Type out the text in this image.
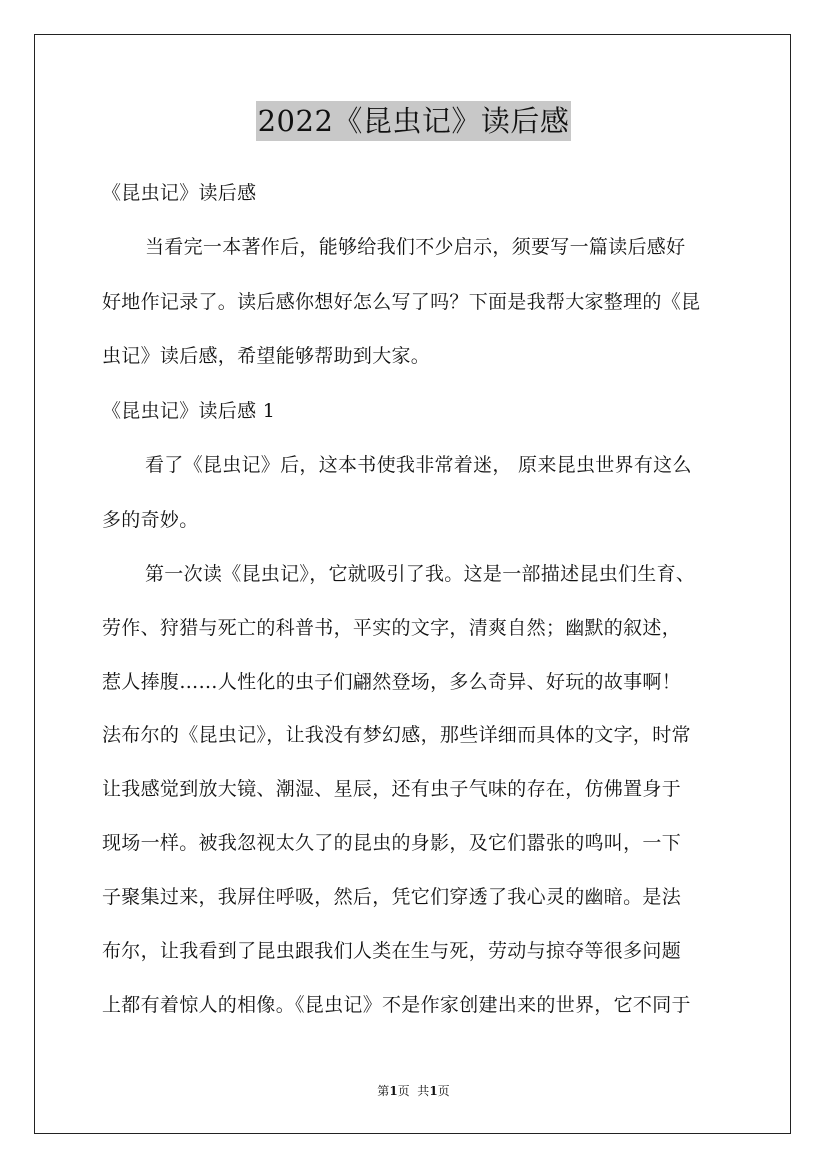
2022《昆虫记》读后感
《昆虫记》读后感
当看完一本著作后，能够给我们不少启示，须要写一篇读后感好
好地作记录了。读后感你想好怎么写了吗？下面是我帮大家整理的《昆
虫记》读后感，希望能够帮助到大家。
《昆虫记》读后感 1
看了《昆虫记》后，这本书使我非常着迷， 原来昆虫世界有这么
多的奇妙。
第一次读《昆虫记》，它就吸引了我。这是一部描述昆虫们生育、
劳作、狩猎与死亡的科普书，平实的文字，清爽自然；幽默的叙述，
惹人捧腹……人性化的虫子们翩然登场，多么奇异、好玩的故事啊！
法布尔的《昆虫记》，让我没有梦幻感，那些详细而具体的文字，时常
让我感觉到放大镜、潮湿、星辰，还有虫子气味的存在，仿佛置身于
现场一样。被我忽视太久了的昆虫的身影，及它们嚣张的鸣叫，一下
子聚集过来，我屏住呼吸，然后，凭它们穿透了我心灵的幽暗。是法
布尔，让我看到了昆虫跟我们人类在生与死，劳动与掠夺等很多问题
上都有着惊人的相像。《昆虫记》不是作家创建出来的世界，它不同于
第1页  共1页
